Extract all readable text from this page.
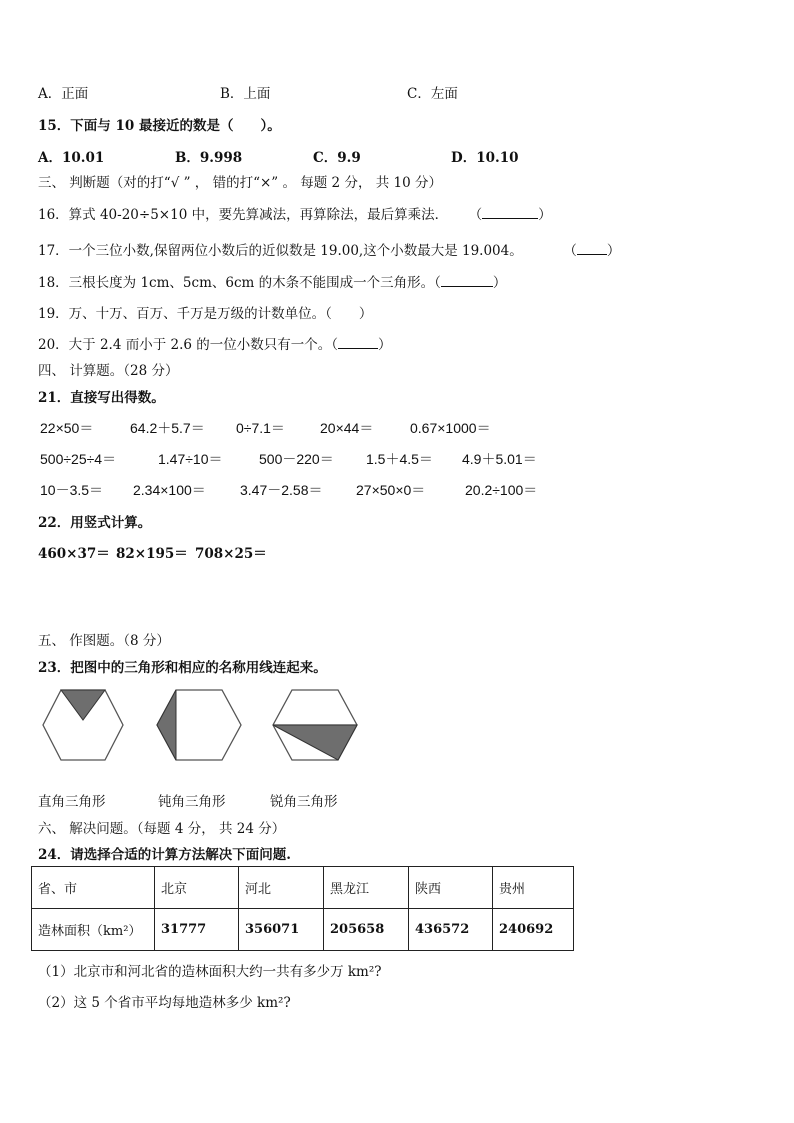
A．正面	B．上面	C．左面
15．下面与 10 最接近的数是（　　）。
A．10.01	B．9.998	C．9.9	D．10.10
三、 判断题（对的打“√ ” ， 错的打“×” 。 每题 2 分， 共 10 分）
16．算式 40-20÷5×10 中，要先算减法，再算除法，最后算乘法． （	）
17．一个三位小数,保留两位小数后的近似数是 19.00,这个小数最大是 19.004。	（ ）
18．三根长度为 1cm、5cm、6cm 的木条不能围成一个三角形。（	）
19．万、十万、百万、千万是万级的计数单位。（　　）
20．大于 2.4 而小于 2.6 的一位小数只有一个。（	）
四、 计算题。（28 分）
21．直接写出得数。
22×50＝	64.2＋5.7＝ 0÷7.1＝	20×44＝	0.67×1000＝
500÷25÷4＝	1.47÷10＝	500－220＝ 1.5＋4.5＝ 4.9＋5.01＝
10－3.5＝ 2.34×100＝ 3.47－2.58＝ 27×50×0＝	20.2÷100＝
22．用竖式计算。
460×37＝ 82×195＝ 708×25＝
五、 作图题。（8 分）
23．把图中的三角形和相应的名称用线连起来。
直角三角形	钝角三角形	锐角三角形
六、 解决问题。（每题 4 分， 共 24 分）
24．请选择合适的计算方法解决下面问题.
省、市	北京	河北	黑龙江	陕西	贵州
造林面积（km²）	31777	356071	205658	436572	240692
（1）北京市和河北省的造林面积大约一共有多少万 km²?
（2）这 5 个省市平均每地造林多少 km²?
